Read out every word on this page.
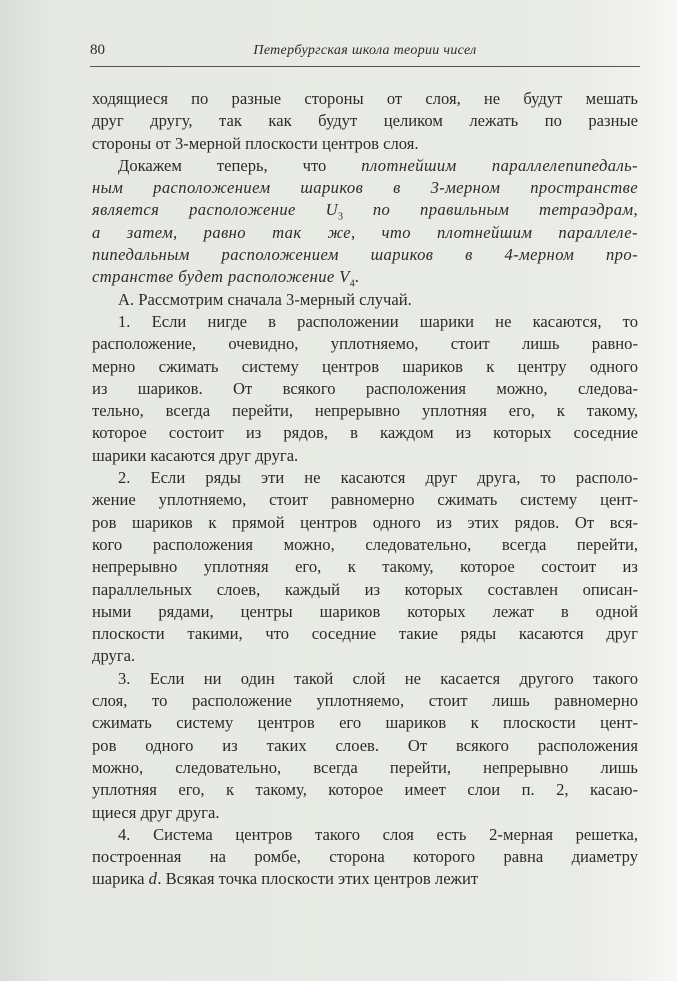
80	Петербургская школа теории чисел
ходящиеся по разные стороны от слоя, не будут мешать
друг другу, так как будут целиком лежать по разные
стороны от 3-мерной плоскости центров слоя.
Докажем теперь, что плотнейшим параллелепипедаль-
ным расположением шариков в 3-мерном пространстве
является расположение $U_3$ по правильным тетраэдрам,
а затем, равно так же, что плотнейшим параллеле-
пипедальным расположением шариков в 4-мерном про-
странстве будет расположение $V_4$.
А. Рассмотрим сначала 3-мерный случай.
1. Если нигде в расположении шарики не касаются, то
расположение, очевидно, уплотняемо, стоит лишь равно-
мерно сжимать систему центров шариков к центру одного
из шариков. От всякого расположения можно, следова-
тельно, всегда перейти, непрерывно уплотняя его, к такому,
которое состоит из рядов, в каждом из которых соседние
шарики касаются друг друга.
2. Если ряды эти не касаются друг друга, то располо-
жение уплотняемо, стоит равномерно сжимать систему цент-
ров шариков к прямой центров одного из этих рядов. От вся-
кого расположения можно, следовательно, всегда перейти,
непрерывно уплотняя его, к такому, которое состоит из
параллельных слоев, каждый из которых составлен описан-
ными рядами, центры шариков которых лежат в одной
плоскости такими, что соседние такие ряды касаются друг
друга.
3. Если ни один такой слой не касается другого такого
слоя, то расположение уплотняемо, стоит лишь равномерно
сжимать систему центров его шариков к плоскости цент-
ров одного из таких слоев. От всякого расположения
можно, следовательно, всегда перейти, непрерывно лишь
уплотняя его, к такому, которое имеет слои п. 2, касаю-
щиеся друг друга.
4. Система центров такого слоя есть 2-мерная решетка,
построенная на ромбе, сторона которого равна диаметру
шарика d. Всякая точка плоскости этих центров лежит
